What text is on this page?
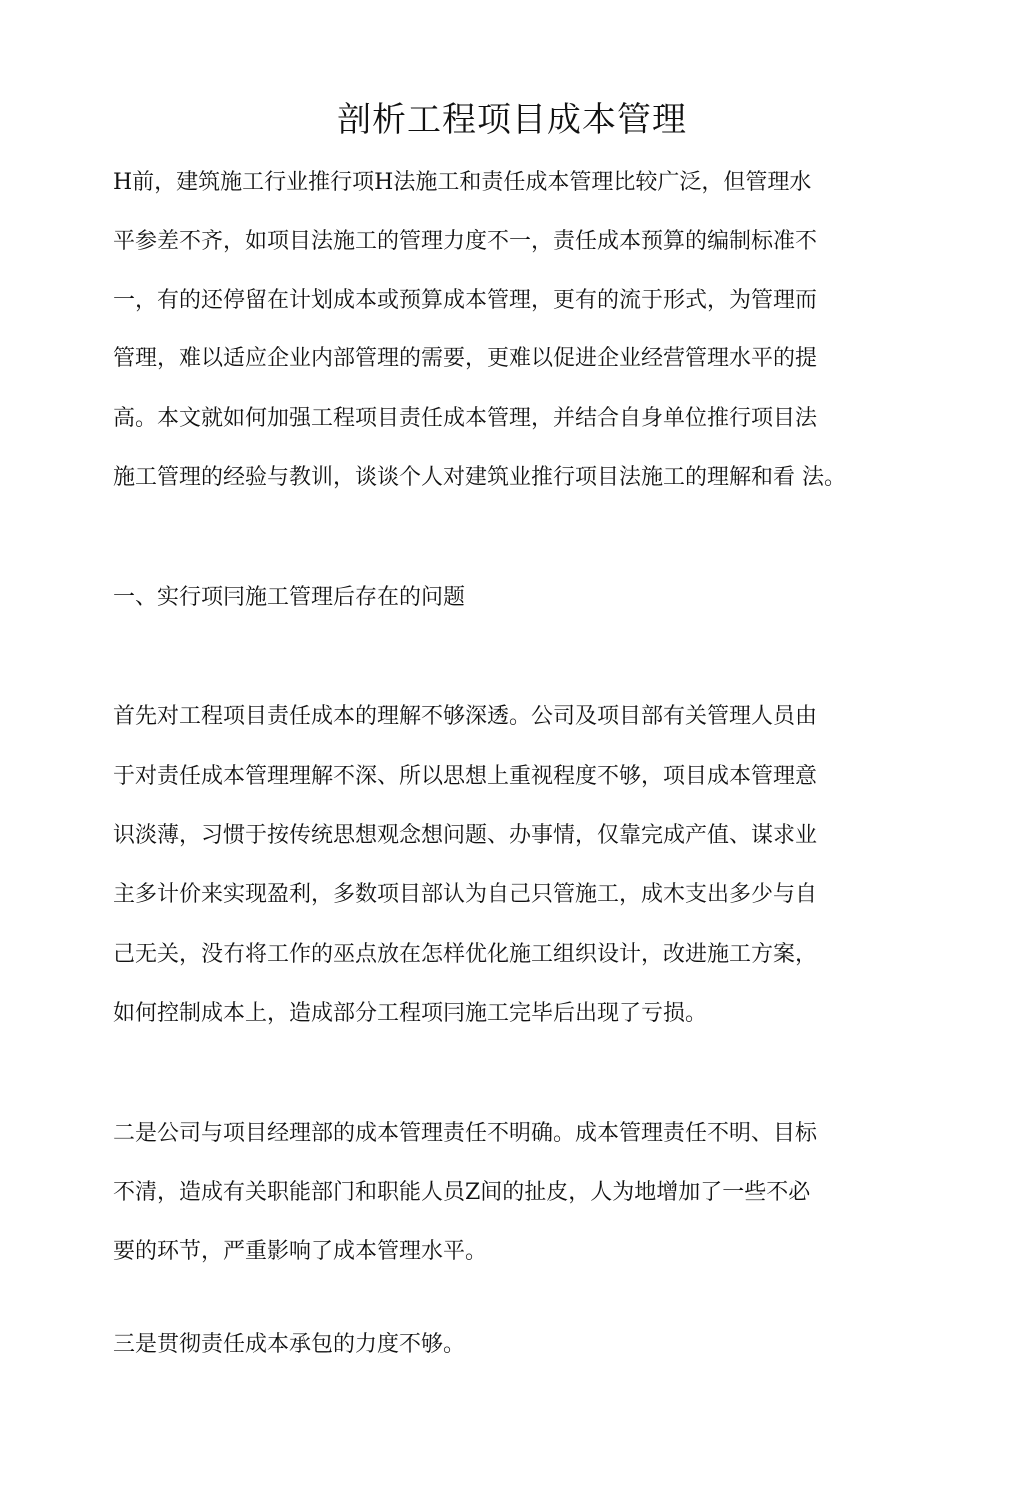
剖析工程项目成本管理

H前，建筑施工行业推行项H法施工和责任成本管理比较广泛，但管理水

平参差不齐，如项目法施工的管理力度不一，责任成本预算的编制标准不

一，有的还停留在计划成本或预算成本管理，更有的流于形式，为管理而

管理，难以适应企业内部管理的需要，更难以促进企业经营管理水平的提

高。本文就如何加强工程项目责任成本管理，并结合自身单位推行项目法

施工管理的经验与教训，谈谈个人对建筑业推行项目法施工的理解和看 法。

一、实行项冃施工管理后存在的问题

首先对工程项目责任成本的理解不够深透。公司及项目部有关管理人员由

于对责任成本管理理解不深、所以思想上重视程度不够，项目成本管理意

识淡薄，习惯于按传统思想观念想问题、办事情，仅靠完成产值、谋求业

主多计价来实现盈利，多数项目部认为自己只管施工，成木支出多少与自

己无关，没冇将工作的巫点放在怎样优化施工组织设计，改进施工方案，

如何控制成本上，造成部分工程项冃施工完毕后出现了亏损。

二是公司与项目经理部的成本管理责任不明确。成本管理责任不明、目标

不清，造成有关职能部门和职能人员Z间的扯皮，人为地增加了一些不必

要的环节，严重影响了成本管理水平。

三是贯彻责任成本承包的力度不够。
